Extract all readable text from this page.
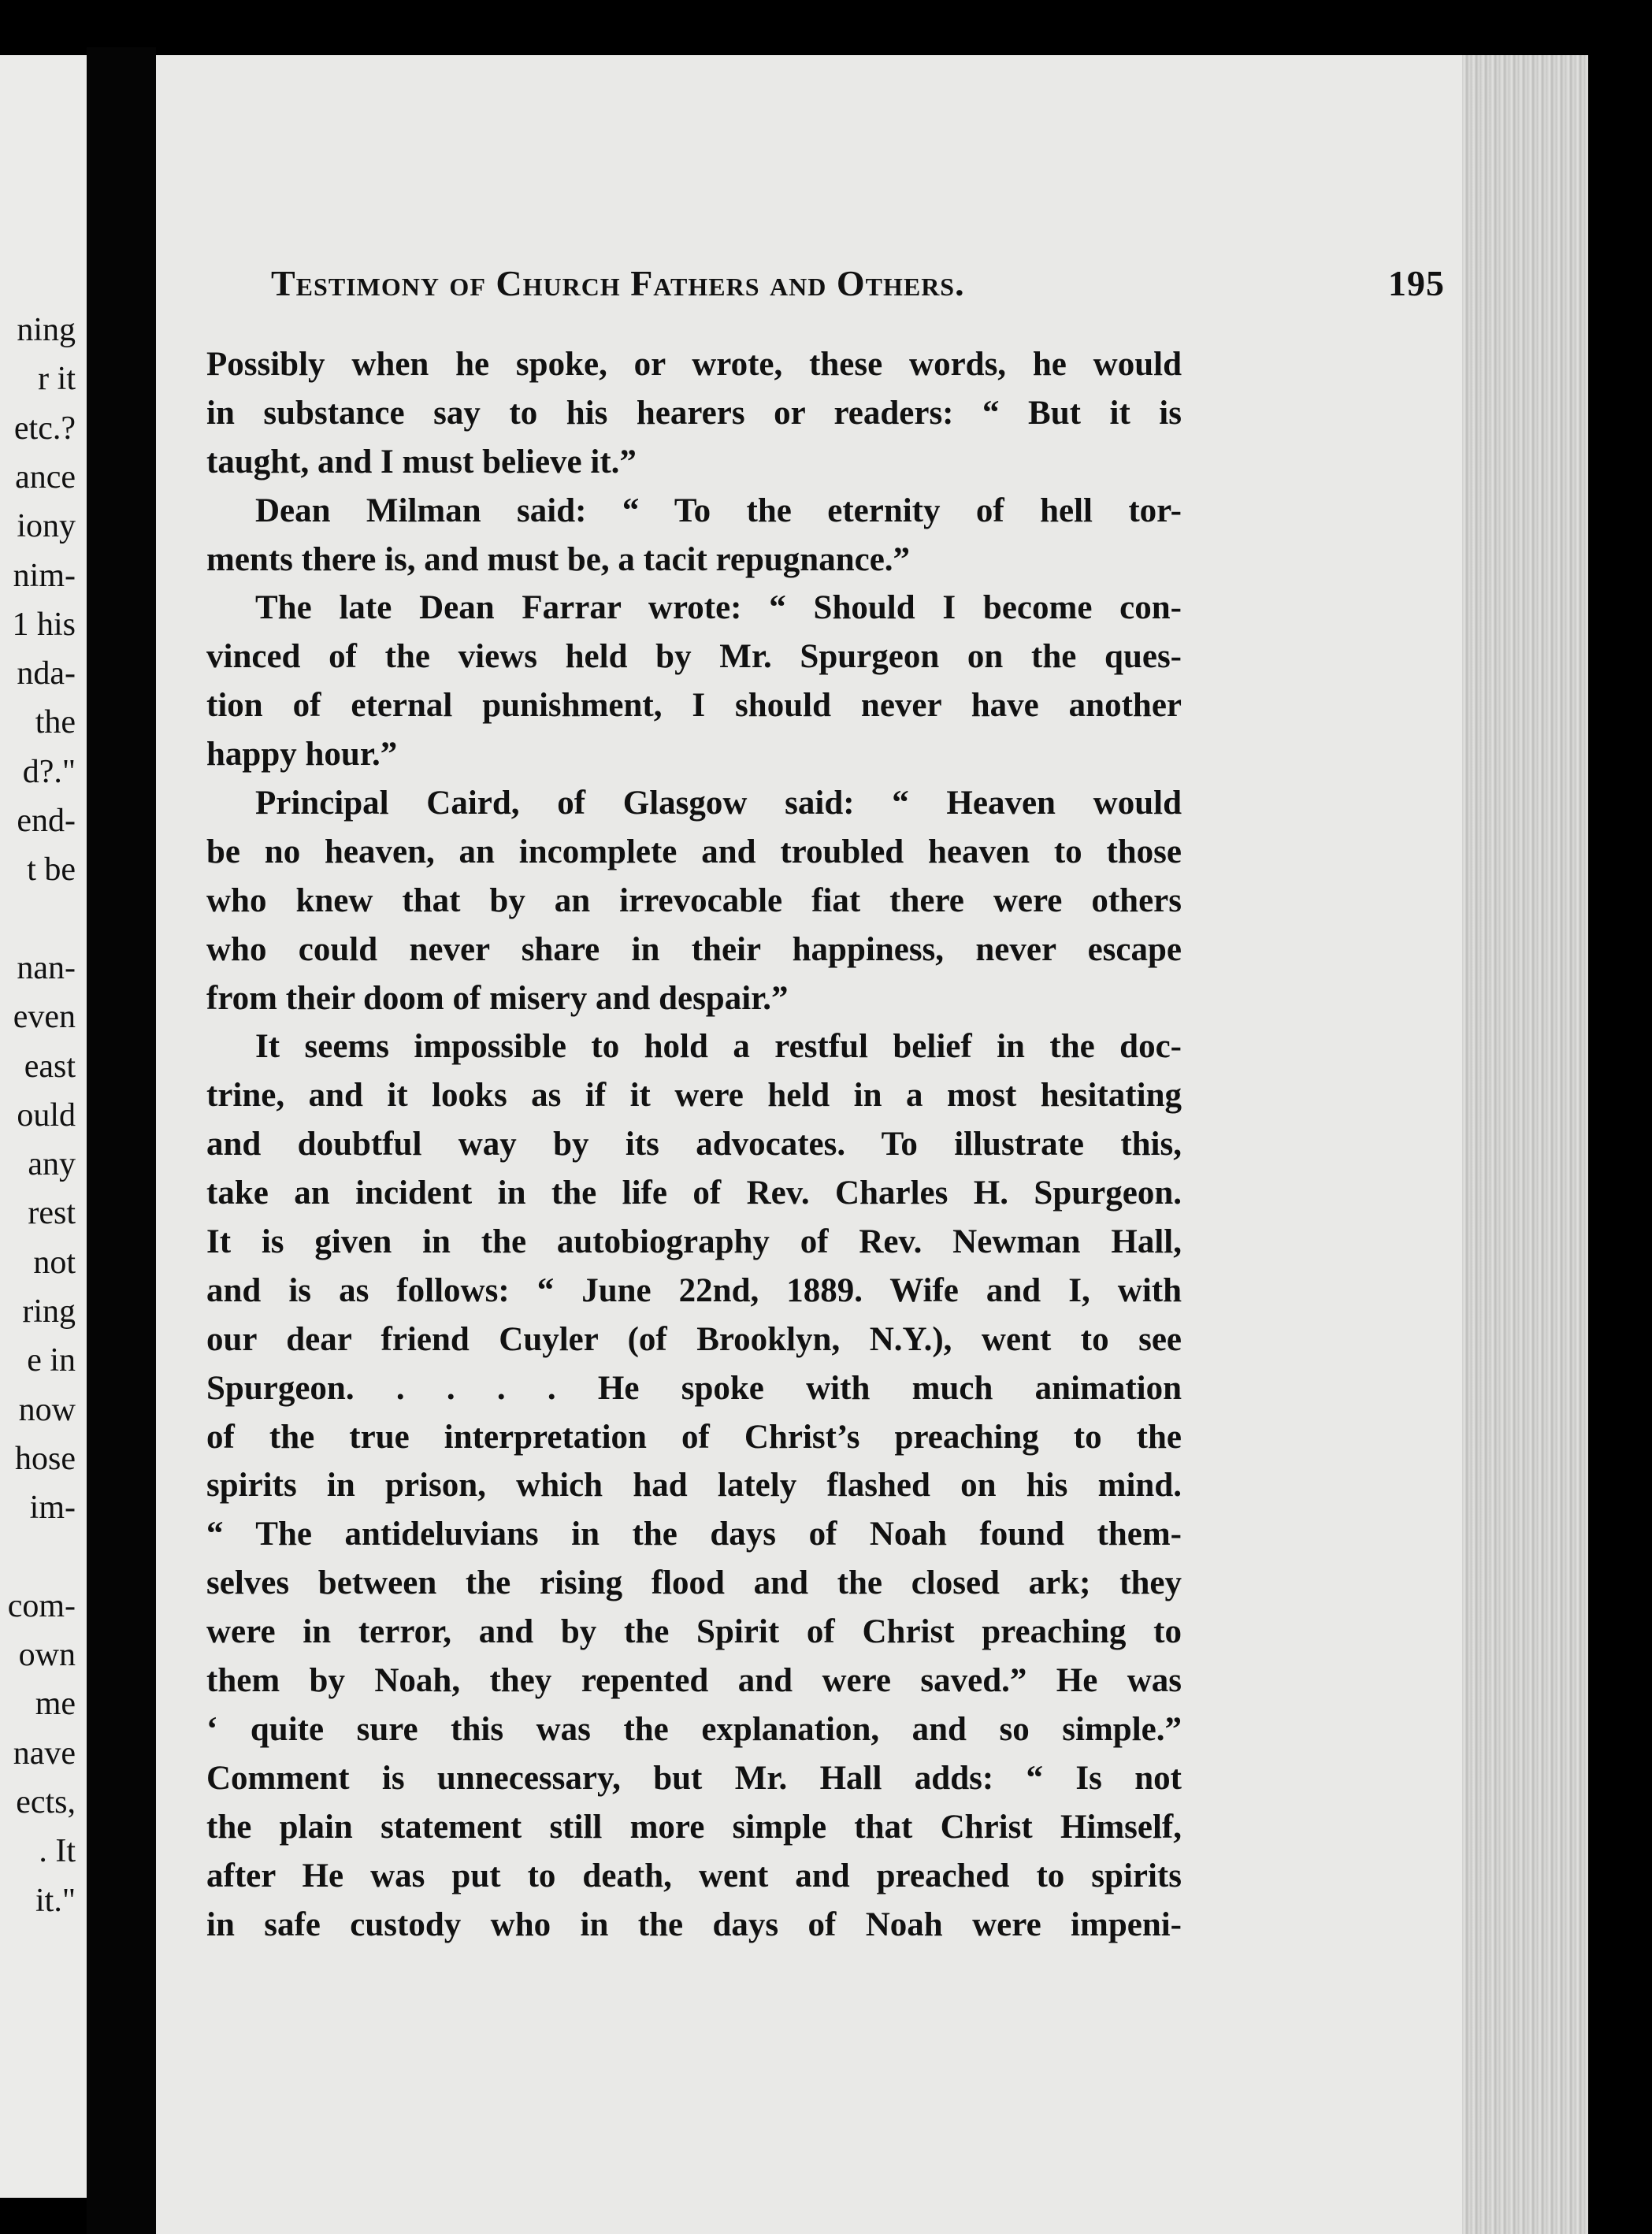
ning
r it
etc.?
ance
iony
nim-
1 his
nda-
the
d?."
end-
t be
nan-
even
east
ould
any
rest
not
ring
e in
now
hose
im-
com-
own
me
nave
ects,
. It
it."
Testimony of Church Fathers and Others.	195
Possibly when he spoke, or wrote, these words, he would
in substance say to his hearers or readers: “ But it is
taught, and I must believe it.”
Dean Milman said: “ To the eternity of hell tor-
ments there is, and must be, a tacit repugnance.”
The late Dean Farrar wrote: “ Should I become con-
vinced of the views held by Mr. Spurgeon on the ques-
tion of eternal punishment, I should never have another
happy hour.”
Principal Caird, of Glasgow said: “ Heaven would
be no heaven, an incomplete and troubled heaven to those
who knew that by an irrevocable fiat there were others
who could never share in their happiness, never escape
from their doom of misery and despair.”
It seems impossible to hold a restful belief in the doc-
trine, and it looks as if it were held in a most hesitating
and doubtful way by its advocates. To illustrate this,
take an incident in the life of Rev. Charles H. Spurgeon.
It is given in the autobiography of Rev. Newman Hall,
and is as follows: “ June 22nd, 1889. Wife and I, with
our dear friend Cuyler (of Brooklyn, N.Y.), went to see
Spurgeon. . . . . He spoke with much animation
of the true interpretation of Christ’s preaching to the
spirits in prison, which had lately flashed on his mind.
“ The antideluvians in the days of Noah found them-
selves between the rising flood and the closed ark; they
were in terror, and by the Spirit of Christ preaching to
them by Noah, they repented and were saved.” He was
‘ quite sure this was the explanation, and so simple.”
Comment is unnecessary, but Mr. Hall adds: “ Is not
the plain statement still more simple that Christ Himself,
after He was put to death, went and preached to spirits
in safe custody who in the days of Noah were impeni-
